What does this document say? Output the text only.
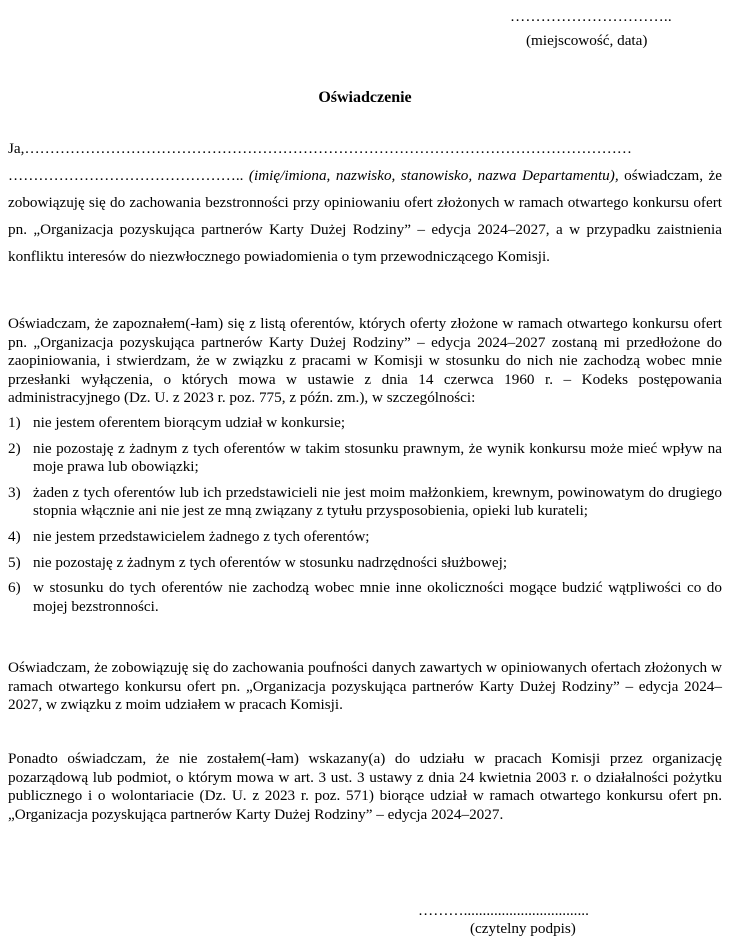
…………………………..
(miejscowość, data)
Oświadczenie
Ja,…………………………………………………………………………………………………………
……………………………………….. (imię/imiona, nazwisko, stanowisko, nazwa Departamentu), oświadczam, że zobowiązuję się do zachowania bezstronności przy opiniowaniu ofert złożonych w ramach otwartego konkursu ofert pn. „Organizacja pozyskująca partnerów Karty Dużej Rodziny” – edycja 2024–2027, a w przypadku zaistnienia konfliktu interesów do niezwłocznego powiadomienia o tym przewodniczącego Komisji.
Oświadczam, że zapoznałem(-łam) się z listą oferentów, których oferty złożone w ramach otwartego konkursu ofert pn. „Organizacja pozyskująca partnerów Karty Dużej Rodziny” – edycja 2024–2027 zostaną mi przedłożone do zaopiniowania, i stwierdzam, że w związku z pracami w Komisji w stosunku do nich nie zachodzą wobec mnie przesłanki wyłączenia, o których mowa w ustawie z dnia 14 czerwca 1960 r. – Kodeks postępowania administracyjnego (Dz. U. z 2023 r. poz. 775, z późn. zm.), w szczególności:
1) nie jestem oferentem biorącym udział w konkursie;
2) nie pozostaję z żadnym z tych oferentów w takim stosunku prawnym, że wynik konkursu może mieć wpływ na moje prawa lub obowiązki;
3) żaden z tych oferentów lub ich przedstawicieli nie jest moim małżonkiem, krewnym, powinowatym do drugiego stopnia włącznie ani nie jest ze mną związany z tytułu przysposobienia, opieki lub kurateli;
4) nie jestem przedstawicielem żadnego z tych oferentów;
5) nie pozostaję z żadnym z tych oferentów w stosunku nadrzędności służbowej;
6) w stosunku do tych oferentów nie zachodzą wobec mnie inne okoliczności mogące budzić wątpliwości co do mojej bezstronności.
Oświadczam, że zobowiązuję się do zachowania poufności danych zawartych w opiniowanych ofertach złożonych w ramach otwartego konkursu ofert pn. „Organizacja pozyskująca partnerów Karty Dużej Rodziny” – edycja 2024–2027, w związku z moim udziałem w pracach Komisji.
Ponadto oświadczam, że nie zostałem(-łam) wskazany(a) do udziału w pracach Komisji przez organizację pozarządową lub podmiot, o którym mowa w art. 3 ust. 3 ustawy z dnia 24 kwietnia 2003 r. o działalności pożytku publicznego i o wolontariacie (Dz. U. z 2023 r. poz. 571) biorące udział w ramach otwartego konkursu ofert pn. „Organizacja pozyskująca partnerów Karty Dużej Rodziny” – edycja 2024–2027.
……….................................
(czytelny podpis)
